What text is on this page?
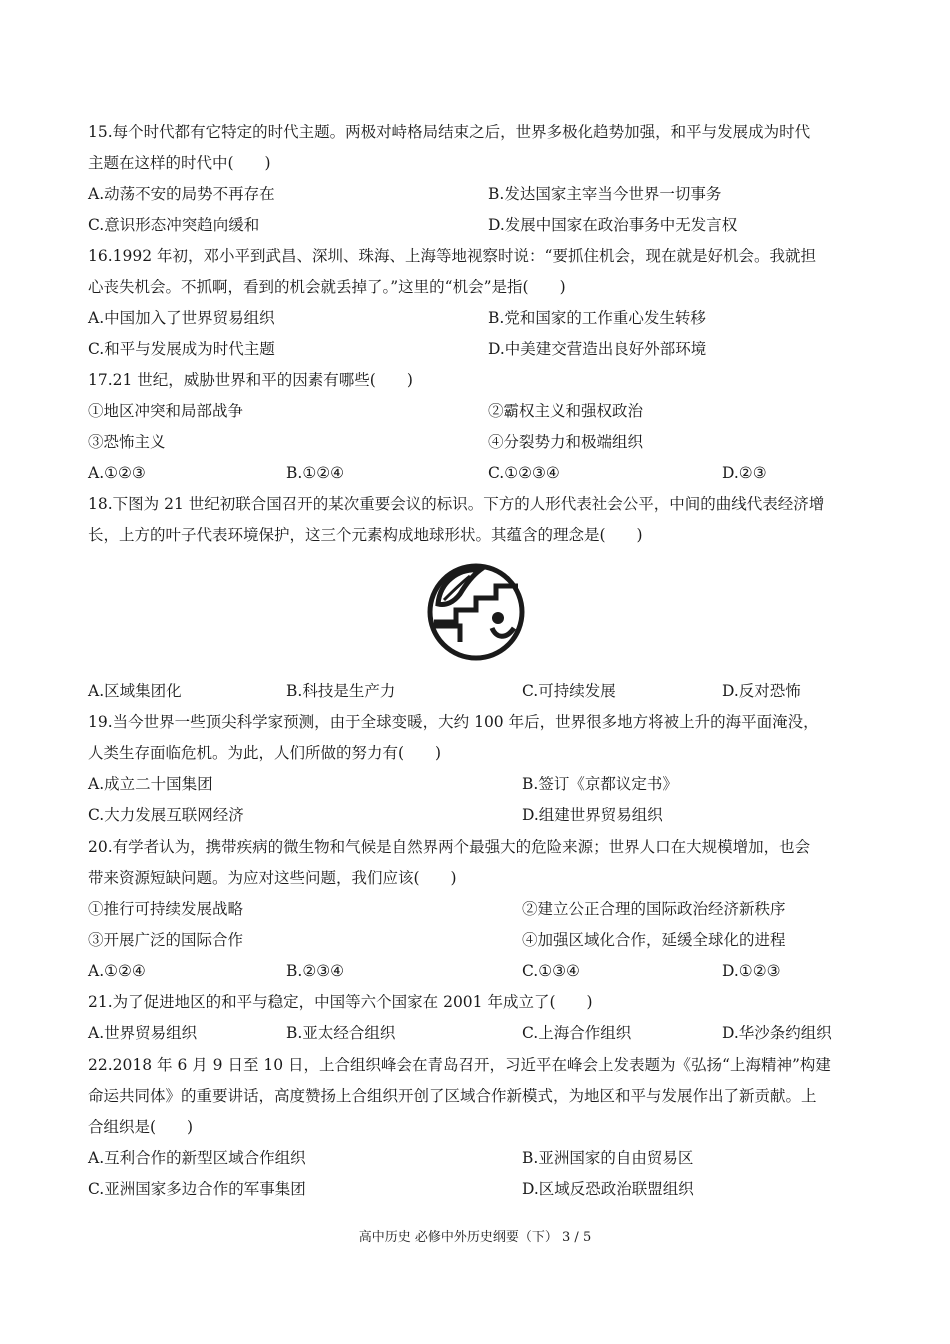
15.每个时代都有它特定的时代主题。两极对峙格局结束之后，世界多极化趋势加强，和平与发展成为时代
主题在这样的时代中(　　)
A.动荡不安的局势不再存在	B.发达国家主宰当今世界一切事务
C.意识形态冲突趋向缓和	D.发展中国家在政治事务中无发言权
16.1992 年初，邓小平到武昌、深圳、珠海、上海等地视察时说：“要抓住机会，现在就是好机会。我就担
心丧失机会。不抓啊，看到的机会就丢掉了。”这里的“机会”是指(　　)
A.中国加入了世界贸易组织	B.党和国家的工作重心发生转移
C.和平与发展成为时代主题	D.中美建交营造出良好外部环境
17.21 世纪，威胁世界和平的因素有哪些(　　)
①地区冲突和局部战争	②霸权主义和强权政治
③恐怖主义	④分裂势力和极端组织
A.①②③	B.①②④	C.①②③④	D.②③
18.下图为 21 世纪初联合国召开的某次重要会议的标识。下方的人形代表社会公平，中间的曲线代表经济增
长，上方的叶子代表环境保护，这三个元素构成地球形状。其蕴含的理念是(　　)
A.区域集团化	B.科技是生产力	C.可持续发展	D.反对恐怖
19.当今世界一些顶尖科学家预测，由于全球变暖，大约 100 年后，世界很多地方将被上升的海平面淹没，
人类生存面临危机。为此，人们所做的努力有(　　)
A.成立二十国集团	B.签订《京都议定书》
C.大力发展互联网经济	D.组建世界贸易组织
20.有学者认为，携带疾病的微生物和气候是自然界两个最强大的危险来源；世界人口在大规模增加，也会
带来资源短缺问题。为应对这些问题，我们应该(　　)
①推行可持续发展战略	②建立公正合理的国际政治经济新秩序
③开展广泛的国际合作	④加强区域化合作，延缓全球化的进程
A.①②④	B.②③④	C.①③④	D.①②③
21.为了促进地区的和平与稳定，中国等六个国家在 2001 年成立了(　　)
A.世界贸易组织	B.亚太经合组织	C.上海合作组织	D.华沙条约组织
22.2018 年 6 月 9 日至 10 日，上合组织峰会在青岛召开，习近平在峰会上发表题为《弘扬“上海精神”构建
命运共同体》的重要讲话，高度赞扬上合组织开创了区域合作新模式，为地区和平与发展作出了新贡献。上
合组织是(　　)
A.互利合作的新型区域合作组织	B.亚洲国家的自由贸易区
C.亚洲国家多边合作的军事集团	D.区域反恐政治联盟组织
高中历史 必修中外历史纲要（下） 3 / 5
